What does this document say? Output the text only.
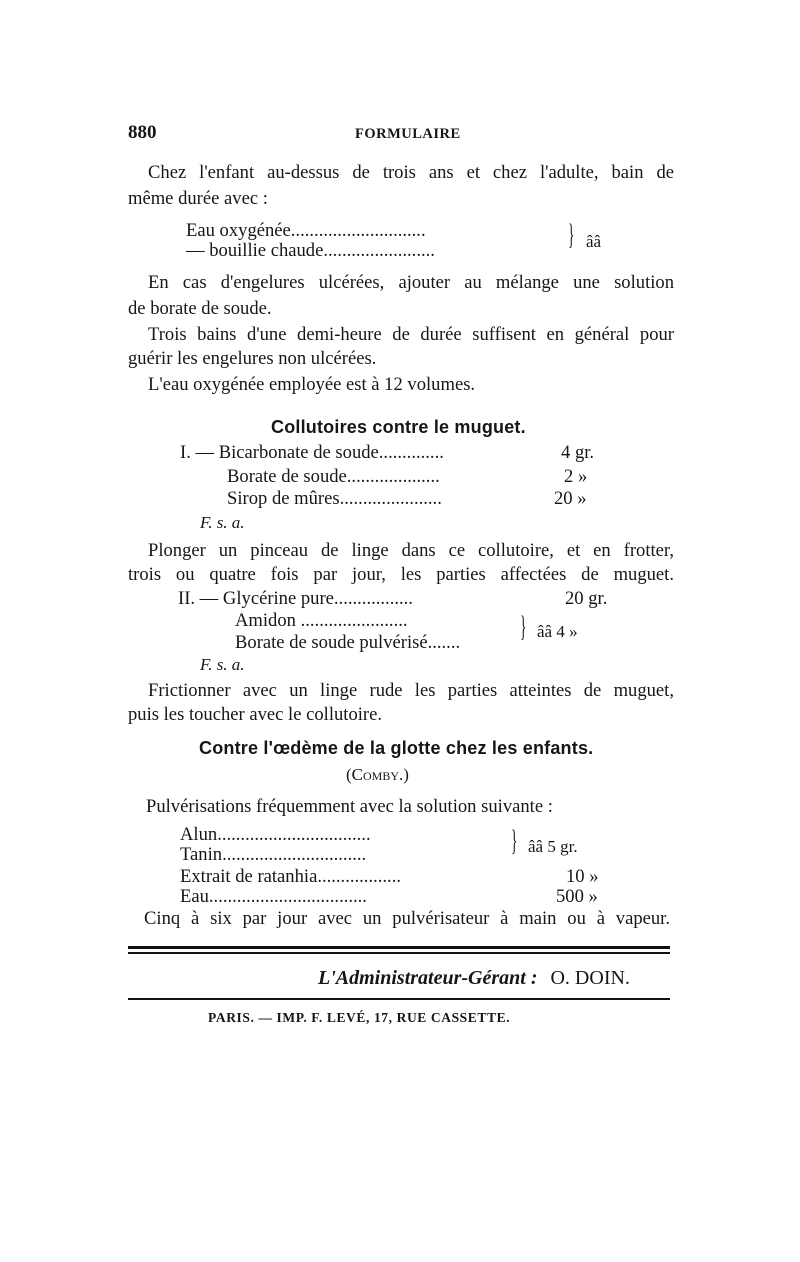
880	FORMULAIRE
Chez l'enfant au-dessus de trois ans et chez l'adulte, bain de
même durée avec :
Eau oxygénée.............................
— bouillie chaude........................	} ââ
En cas d'engelures ulcérées, ajouter au mélange une solution
de borate de soude.
Trois bains d'une demi-heure de durée suffisent en général pour
guérir les engelures non ulcérées.
L'eau oxygénée employée est à 12 volumes.
Collutoires contre le muguet.
I. — Bicarbonate de soude..............	4 gr.
Borate de soude....................	2 »
Sirop de mûres......................	20 »
F. s. a.
Plonger un pinceau de linge dans ce collutoire, et en frotter,
trois ou quatre fois par jour, les parties affectées de muguet.
II. — Glycérine pure.................	20 gr.
Amidon .......................
Borate de soude pulvérisé....... } ââ 4 »
F. s. a.
Frictionner avec un linge rude les parties atteintes de muguet,
puis les toucher avec le collutoire.
Contre l'œdème de la glotte chez les enfants.
(Comby.)
Pulvérisations fréquemment avec la solution suivante :
Alun.................................
Tanin...............................	} ââ 5 gr.
Extrait de ratanhia..................	10 »
Eau..................................	500 »
Cinq à six par jour avec un pulvérisateur à main ou à vapeur.
L'Administrateur-Gérant : O. DOIN.
PARIS. — IMP. F. LEVÉ, 17, RUE CASSETTE.
